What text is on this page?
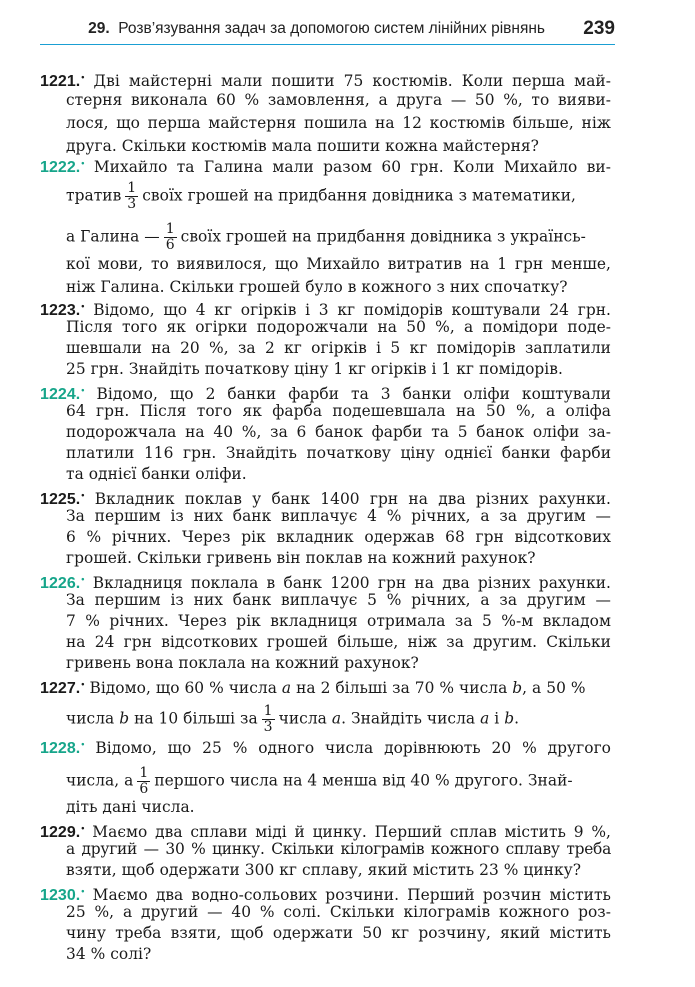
29. Розв’язування задач за допомогою систем лінійних рівнянь 239
1221.• Дві майстерні мали пошити 75 костюмів. Коли перша май-
стерня виконала 60 % замовлення, а друга — 50 %, то вияви-
лося, що перша майстерня пошила на 12 костюмів більше, ніж
друга. Скільки костюмів мала пошити кожна майстерня?
1222.• Михайло та Галина мали разом 60 грн. Коли Михайло ви-
тратив $\frac{1}{3}$ своїх грошей на придбання довідника з математики,
а Галина — $\frac{1}{6}$ своїх грошей на придбання довідника з українсь-
кої мови, то виявилося, що Михайло витратив на 1 грн менше,
ніж Галина. Скільки грошей було в кожного з них спочатку?
1223.• Відомо, що 4 кг огірків і 3 кг помідорів коштували 24 грн.
Після того як огірки подорожчали на 50 %, а помідори поде-
шевшали на 20 %, за 2 кг огірків і 5 кг помідорів заплатили
25 грн. Знайдіть початкову ціну 1 кг огірків і 1 кг помідорів.
1224.• Відомо, що 2 банки фарби та 3 банки оліфи коштували
64 грн. Після того як фарба подешевшала на 50 %, а оліфа
подорожчала на 40 %, за 6 банок фарби та 5 банок оліфи за-
платили 116 грн. Знайдіть початкову ціну однієї банки фарби
та однієї банки оліфи.
1225.• Вкладник поклав у банк 1400 грн на два різних рахунки.
За першим із них банк виплачує 4 % річних, а за другим —
6 % річних. Через рік вкладник одержав 68 грн відсоткових
грошей. Скільки гривень він поклав на кожний рахунок?
1226.• Вкладниця поклала в банк 1200 грн на два різних рахунки.
За першим із них банк виплачує 5 % річних, а за другим —
7 % річних. Через рік вкладниця отримала за 5 %-м вкладом
на 24 грн відсоткових грошей більше, ніж за другим. Скільки
гривень вона поклала на кожний рахунок?
1227.• Відомо, що 60 % числа a на 2 більші за 70 % числа b, а 50 %
числа b на 10 більші за $\frac{1}{3}$ числа a. Знайдіть числа a і b.
1228.• Відомо, що 25 % одного числа дорівнюють 20 % другого
числа, а $\frac{1}{6}$ першого числа на 4 менша від 40 % другого. Знай-
діть дані числа.
1229.• Маємо два сплави міді й цинку. Перший сплав містить 9 %,
а другий — 30 % цинку. Скільки кілограмів кожного сплаву треба
взяти, щоб одержати 300 кг сплаву, який містить 23 % цинку?
1230.• Маємо два водно-сольових розчини. Перший розчин містить
25 %, а другий — 40 % солі. Скільки кілограмів кожного роз-
чину треба взяти, щоб одержати 50 кг розчину, який містить
34 % солі?
